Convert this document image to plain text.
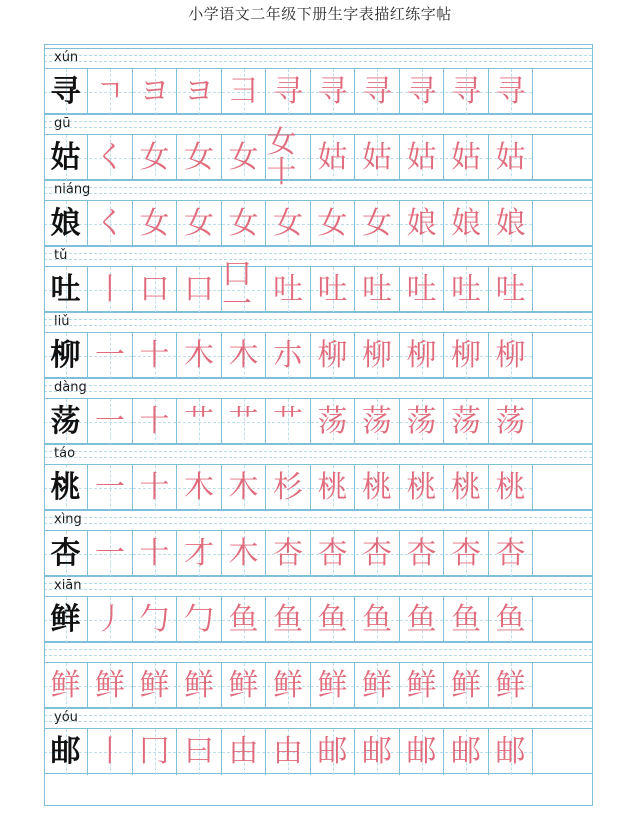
小学语文二年级下册生字表描红练字帖
xún
寻 ㄱ ヨ ヨ 彐 寻 寻 寻 寻 寻 寻
gū
姑 く 女 女 女 女十 姑 姑 姑 姑 姑
niáng
娘 く 女 女 女 女 女 女 娘 娘 娘
tǔ
吐 丨 口 口 口一 吐 吐 吐 吐 吐 吐
liǔ
柳 一 十 木 木 朩 柳 柳 柳 柳 柳
dàng
荡 一 十 艹 艹 艹 荡 荡 荡 荡 荡
táo
桃 一 十 木 木 杉 桃 桃 桃 桃 桃
xìng
杏 一 十 才 木 杏 杏 杏 杏 杏 杏
xiān
鲜 丿 勹 勹 鱼 鱼 鱼 鱼 鱼 鱼 鱼
鲜 鲜 鲜 鲜 鲜 鲜 鲜 鲜 鲜 鲜 鲜
yóu
邮 丨 冂 曰 由 由 邮 邮 邮 邮 邮
